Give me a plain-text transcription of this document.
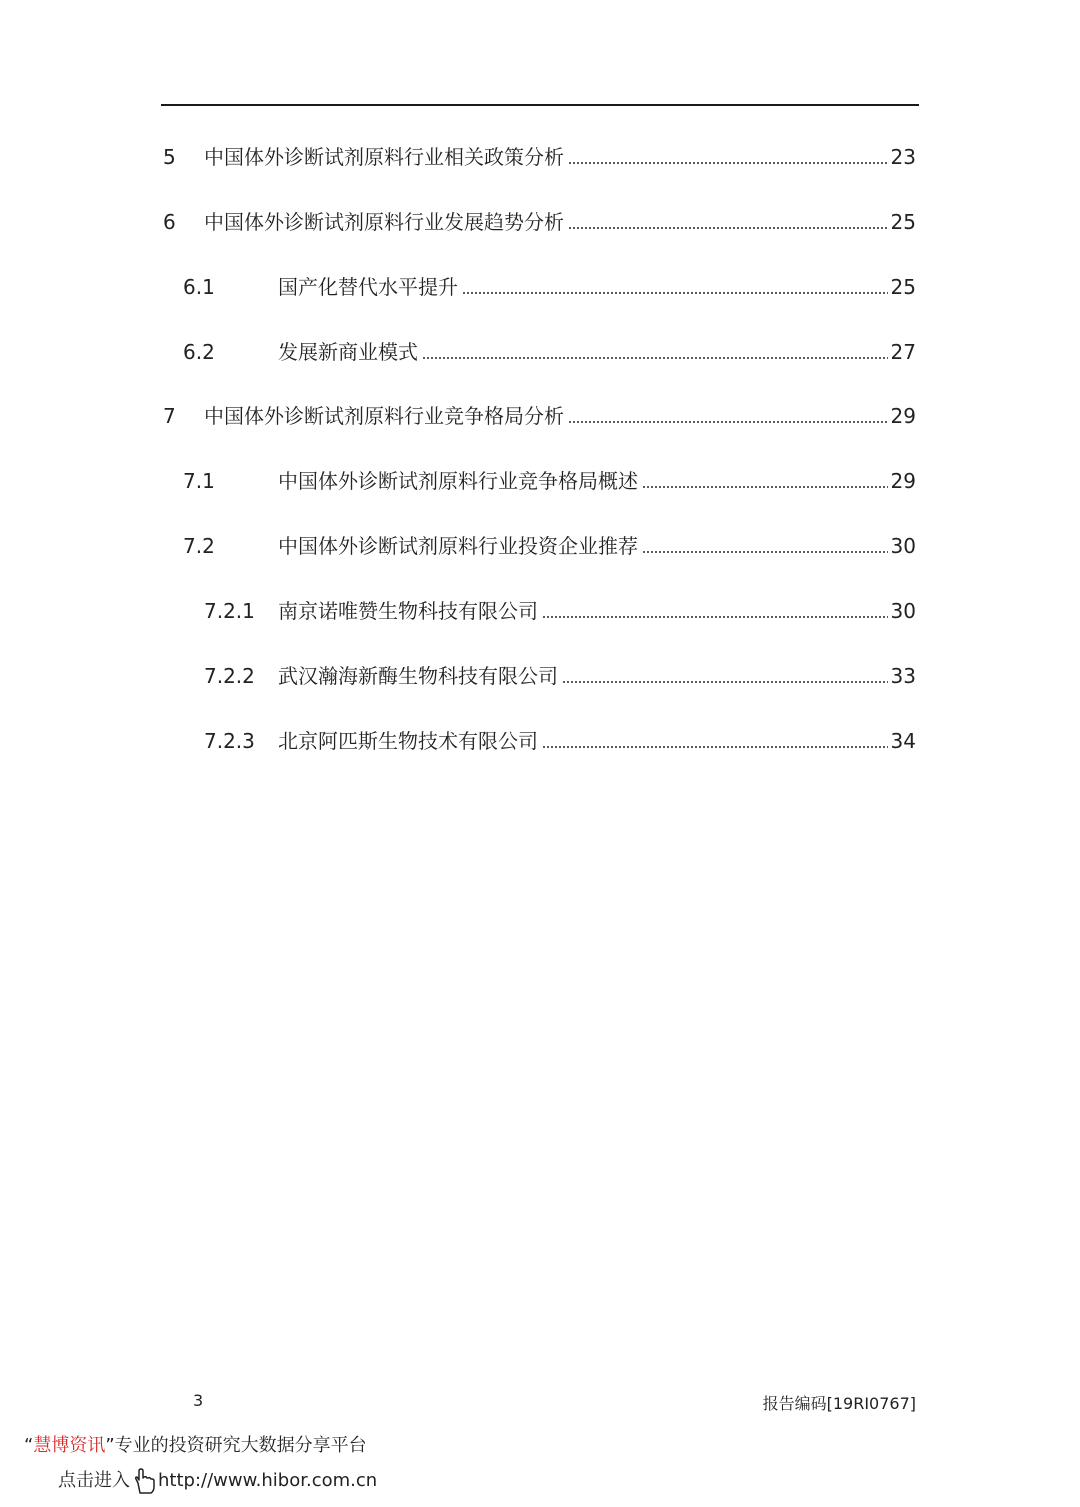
5	中国体外诊断试剂原料行业相关政策分析	23
6	中国体外诊断试剂原料行业发展趋势分析	25
6.1	国产化替代水平提升	25
6.2	发展新商业模式	27
7	中国体外诊断试剂原料行业竞争格局分析	29
7.1	中国体外诊断试剂原料行业竞争格局概述	29
7.2	中国体外诊断试剂原料行业投资企业推荐	30
7.2.1	南京诺唯赞生物科技有限公司	30
7.2.2	武汉瀚海新酶生物科技有限公司	33
7.2.3	北京阿匹斯生物技术有限公司	34
3	报告编码[19RI0767]
“慧博资讯”专业的投资研究大数据分享平台
点击进入 http://www.hibor.com.cn
